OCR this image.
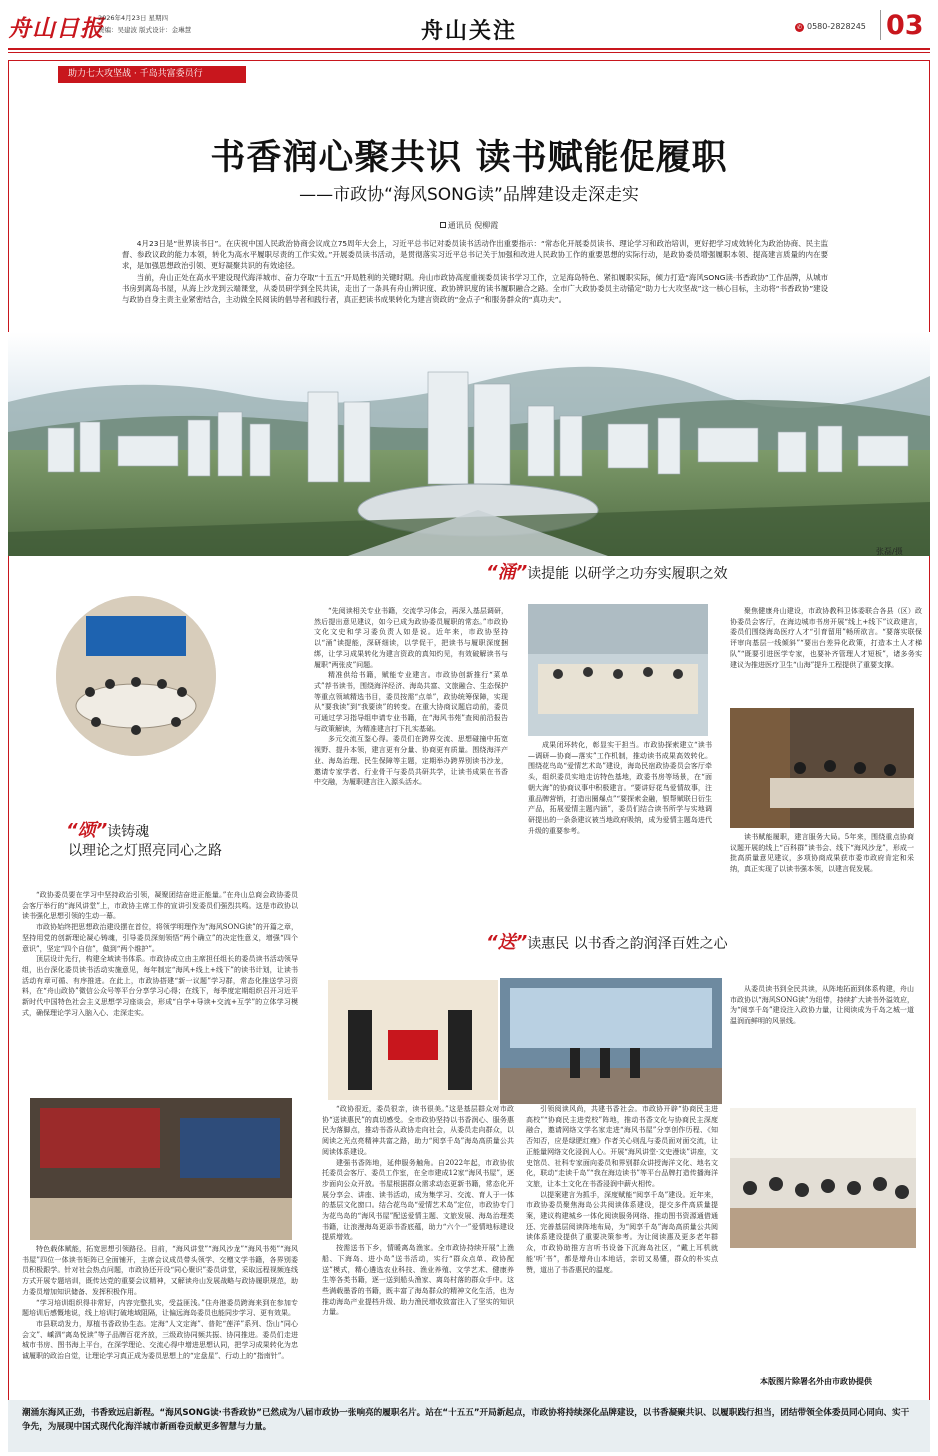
舟山日报
2026年4月23日 星期四
责编：吴建波 版式设计：金琳慧	舟山关注	✆ 0580-2828245 03
助力七大攻坚战 · 千岛共富委员行
书香润心聚共识 读书赋能促履职
——市政协“海风SONG读”品牌建设走深走实
通讯员 倪柳霞

4月23日是“世界读书日”。在庆祝中国人民政治协商会议成立75周年大会上，习近平总书记对委员读书活动作出重要指示：“常态化开展委员读书、理论学习和政治培训，更好把学习成效转化为政治协商、民主监督、参政议政的能力本领，转化为高水平履职尽责的工作实效。”开展委员读书活动，是贯彻落实习近平总书记关于加强和改进人民政协工作的重要思想的实际行动，是政协委员增强履职本领、提高建言质量的内在要求，是加强思想政治引领、更好凝聚共识的有效途径。

当前，舟山正处在高水平建设现代海洋城市、奋力夺取“十五五”开局胜利的关键时期。舟山市政协高度重视委员读书学习工作，立足海岛特色、紧扣履职实际，倾力打造“海风SONG读·书香政协”工作品牌，从城市书房到离岛书屋，从海上沙龙到云端课堂，从委员研学到全民共读，走出了一条具有舟山辨识度、政协辨识度的读书履职融合之路。全市广大政协委员主动锚定“助力七大攻坚战”这一核心目标，主动将“书香政协”建设与政协自身主责主业紧密结合，主动做全民阅读的倡导者和践行者，真正把读书成果转化为建言资政的“金点子”和服务群众的“真功夫”。

张磊/摄
“颂”读铸魂
以理论之灯照亮同心之路

“政协委员要在学习中坚持政治引领，凝聚团结奋进正能量。”在舟山总商会政协委员会客厅举行的“海风讲堂”上，市政协主席工作的宣讲引发委员们强烈共鸣。这是市政协以读书强化思想引领的生动一幕。

市政协始终把思想政治建设摆在首位，将领学明理作为“海风SONG读”的开篇之章，坚持用党的创新理论凝心铸魂，引导委员深刻领悟“两个确立”的决定性意义，增强“四个意识”，坚定“四个自信”，做到“两个维护”。

顶层设计先行，构建全域读书体系。市政协成立由主席担任组长的委员读书活动领导组，出台深化委员读书活动实施意见，每年制定“海风+线上+线下”的读书计划，让读书活动有章可循、有序推进。在此上，市政协搭建“新一议题”学习群，常态化推送学习资料，在“舟山政协”微信公众号等平台分享学习心得；在线下，每季度定期组织召开习近平新时代中国特色社会主义思想学习座谈会，形成“自学+导读+交流+互学”的立体学习模式，确保理论学习入脑入心、走深走实。

特色载体赋能，拓宽思想引领路径。目前，“海风讲堂”“海风沙龙”“海风书苑”“海风书屋”四位一体读书矩阵已全面铺开，主席会议成员带头领学、交赠文学书籍，各界别委员积极跟学。针对社会热点问题，市政协还开设“同心聚识”委员讲堂，采取远程视频连线方式开展专题培训，既传达党的重要会议精神，又解读舟山发展战略与政协履职规范，助力委员增加知识储备、发挥积极作用。

“学习培训组织得非常好，内容完整扎实，受益匪浅。”住舟港委员跨海来到在参加专题培训后感慨地说，线上培训打破地域阻隔，让偏远海岛委员也能同步学习、更有效果。

市县联动发力，厚植书香政协生态。定海“人文定海”、普陀“莲洋”系列、岱山“同心会文”、嵊泗“离岛悦读”等子品牌百花齐放，三级政协同频共振、协同推进。委员们走进城市书房、图书海上平台，在深学理论、交流心得中增进思想认同，把学习成果转化为忠诚履职的政治自觉，让理论学习真正成为委员思想上的“定盘星”、行动上的“指南针”。

“涌”读提能 以研学之功夯实履职之效

“先阅读相关专业书籍，交流学习体会，再深入基层调研，然后提出意见建议，如今已成为政协委员履职的常态。”市政协文化文史和学习委负责人如是说。近年来，市政协坚持以“涌”读提能，深研细读，以学促干，把读书与履职深度捆绑，让学习成果转化为建言资政的真知灼见，有效破解读书与履职“两张皮”问题。

精准供给书籍，赋能专业建言。市政协创新推行“菜单式”荐书读书，围绕海洋经济、海岛共富、文旅融合、生态保护等重点领域精选书目，委员按需“点单”，政协统筹保障，实现从“要我读”到“我要读”的转变。在重大协商议题启动前，委员可通过学习指导组申请专业书籍，在“海风书苑”查阅前沿报告与政策解读，为精准建言打下扎实基础。

多元交流互鉴心得。委员们在跨界交流、思想碰撞中拓宽视野、提升本领，建言更有分量、协商更有质量。围绕海洋产业、海岛治理、民生保障等主题，定期举办跨界别读书沙龙，邀请专家学者、行业骨干与委员共研共学，让读书成果在书香中交融，为履职建言注入源头活水。

成果闭环转化，彰显实干担当。市政协探索建立“读书—调研—协商—落实”工作机制，推动读书成果高效转化。围绕花鸟岛“爱情艺术岛”建设，海岛民宿政协委员会客厅牵头，组织委员实地走访特色基地，政委书房等场景，在“面朝大海”的协商议事中积极建言。“要讲好花鸟爱情故事，注重品牌营销，打造出圈爆点”“要探索金融，银帮赋联日衍生产品，拓展爱情主题内涵”，委员们结合读书所学与实地调研提出的一条条建议被当地政府吸纳，成为爱情主题岛进代升级的重要参考。

聚焦健康舟山建设，市政协教科卫体委联合各县（区）政协委员会客厅，在海边城市书房开展“线上+线下”议政建言，委员们围绕海岛医疗人才“引育留用”畅所欲言。“要落实联保评审向基层一线倾斜”“要出台差异化政策，打造本土人才梯队”“既要引进医学专家，也要补齐管理人才短板”，诸多务实建议为推进医疗卫生“山海”提升工程提供了重要支撑。

读书赋能履职，建言服务大局。5年来，围绕重点协商议题开展的线上“百科群”读书会、线下“海风沙龙”，形成一批高质量意见建议，多项协商成果获市委市政府肯定和采纳，真正实现了以读书强本领，以建言促发展。

“送”读惠民 以书香之韵润泽百姓之心

“政协很近，委员很亲，读书很美。”这是基层群众对市政协“送读惠民”的真切感受。全市政协坚持以书香润心、服务惠民为落脚点，推动书香从政协走向社会，从委员走向群众，以阅读之光点亮精神共富之路，助力“阅享千岛”海岛高质量公共阅读体系建设。

建强书香阵地，延伸服务触角。自2022年起，市政协依托委员会客厅、委员工作室，在全市建成12家“海风书屋”，逐步面向公众开放。书屋根据群众需求动态更新书籍，常态化开展分享会、讲座、读书活动，成为集学习、交流、育人于一体的基层文化窗口。结合花鸟岛“爱情艺术岛”定位，市政协专门为花鸟岛的“海风书屋”配送爱情主题、文旅发展、海岛治理类书籍，让浪漫海岛更添书香底蕴，助力“六个一”爱情地标建设提质增效。

按需送书下乡，情暖离岛渔家。全市政协持续开展“上渔船、下海岛、进小岛”送书活动，实行“群众点单、政协配送”模式，精心遴选农业科技、渔业养殖、文学艺术、健康养生等各类书籍，逐一送到船头渔家、离岛村落的群众手中。这些满载墨香的书籍，既丰富了海岛群众的精神文化生活，也为推动海岛产业提档升级、助力渔民增收致富注入了坚实的知识力量。

引领阅读风尚，共建书香社会。市政协开辟“协商民主进高校”“协商民主进党校”阵地，推动书香文化与协商民主深度融合，邀请网络文学名家走进“海风书屋”分享创作历程、《知否知否，应是绿肥红瘦》作者关心则乱与委员面对面交流，让正能量网络文化浸润人心。开展“海风讲堂·文史漫谈”讲座，文史馆员、社科专家面向委员和界别群众讲授海洋文化、地名文化，联动“走读千岛”“我在海边读书”等平台品牌打造传播海洋文旅，让本土文化在书香浸润中薪火相传。

以提案建言为抓手，深度赋能“阅享千岛”建设。近年来，市政协委员聚焦海岛公共阅读体系建设，提交多件高质量提案，建议构建城乡一体化阅读服务网络、推动图书资源通借通还、完善基层阅读阵地布局，为“阅享千岛”海岛高质量公共阅读体系建设提供了重要决策参考。为让阅读惠及更多老年群众，市政协助推方言听书设备下沉海岛社区，“戴上耳机就能‘听’书”，都是增舟山本地话，亲切又易懂，群众的朴实点赞，道出了书香惠民的温度。

从委员读书到全民共读，从阵地拓面到体系构建，舟山市政协以“海风SONG读”为纽带，持续扩大读书外溢效应，为“阅享千岛”建设注入政协力量，让阅读成为千岛之城一道温润而鲜明的风景线。

本版图片除署名外由市政协提供
潮涌东海风正劲，书香致远启新程。“海风SONG读·书香政协”已然成为八届市政协一张响亮的履职名片。站在“十五五”开局新起点，市政协将持续深化品牌建设，以书香凝聚共识、以履职践行担当，团结带领全体委员同心同向、实干争先，为展现中国式现代化海洋城市新画卷贡献更多智慧与力量。
